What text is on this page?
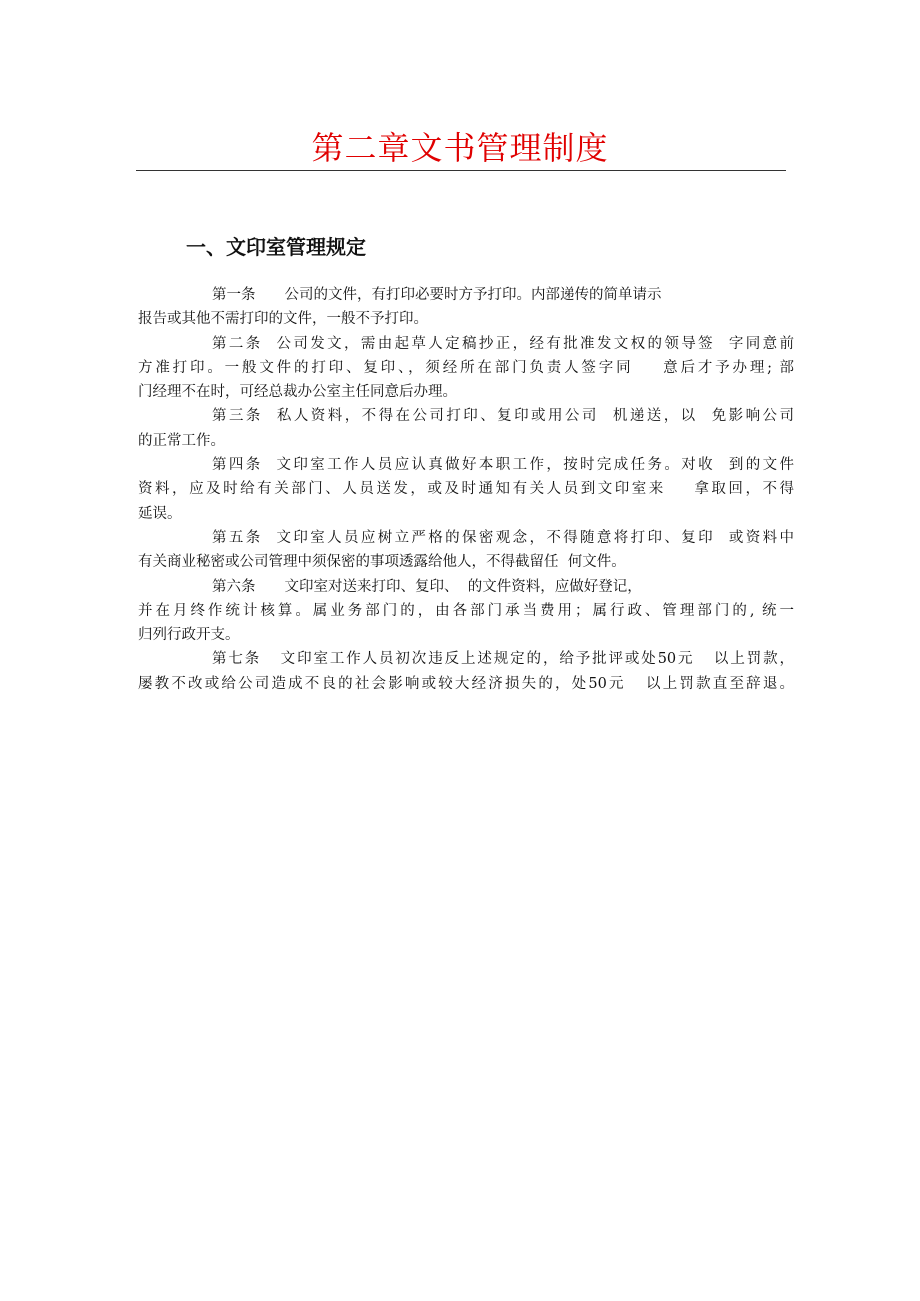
第二章文书管理制度
一、文印室管理规定
第一条　　公司的文件，有打印必要时方予打印。内部递传的简单请示
报告或其他不需打印的文件，一般不予打印。
第二条  公司发文，需由起草人定稿抄正，经有批准发文权的领导签  字同意前
方准打印。一般文件的打印、复印、，须经所在部门负责人签字同    意后才予办理; 部
门经理不在时，可经总裁办公室主任同意后办理。
第三条  私人资料，不得在公司打印、复印或用公司  机递送，以  免影响公司
的正常工作。
第四条  文印室工作人员应认真做好本职工作，按时完成任务。对收  到的文件
资料，应及时给有关部门、人员送发，或及时通知有关人员到文印室来    拿取回，不得
延误。
第五条  文印室人员应树立严格的保密观念，不得随意将打印、复印  或资料中
有关商业秘密或公司管理中须保密的事项透露给他人，不得截留任  何文件。
第六条　　文印室对送来打印、复印、  的文件资料，应做好登记，
并在月终作统计核算。属业务部门的，由各部门承当费用；属行政、管理部门的, 统一
归列行政开支。
第七条   文印室工作人员初次违反上述规定的，给予批评或处50元   以上罚款，
屡教不改或给公司造成不良的社会影响或较大经济损失的，处50元   以上罚款直至辞退。
